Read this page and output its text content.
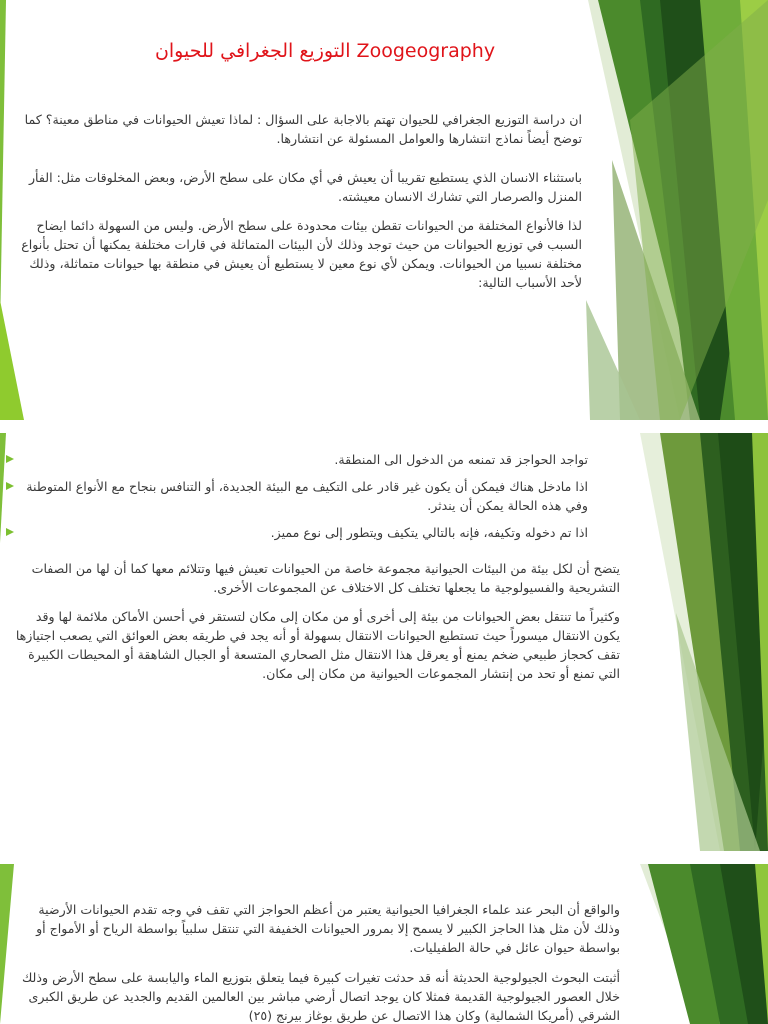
التوزيع الجغرافي للحيوان Zoogeography

ان دراسة التوزيع الجغرافي للحيوان تهتم بالاجابة على السؤال : لماذا تعيش الحيوانات في مناطق معينة؟ كما توضح أيضاً نماذج انتشارها والعوامل المسئولة عن انتشارها.

باستثناء الانسان الذي يستطيع تقريبا أن يعيش في أي مكان على سطح الأرض، وبعض المخلوقات مثل: الفأر المنزل والصرصار التي تشارك الانسان معيشته.

لذا فالأنواع المختلفة من الحيوانات تقطن بيئات محدودة على سطح الأرض. وليس من السهولة دائما ايضاح السبب في توزيع الحيوانات من حيث توجد وذلك لأن البيئات المتماثلة في قارات مختلفة يمكنها أن تحتل بأنواع مختلفة نسبيا من الحيوانات. ويمكن لأي نوع معين لا يستطيع أن يعيش في منطقة بها حيوانات متماثلة، وذلك لأحد الأسباب التالية:

تواجد الحواجز قد تمنعه من الدخول الى المنطقة.
اذا مادخل هناك فيمكن أن يكون غير قادر على التكيف مع البيئة الجديدة، أو التنافس بنجاح مع الأنواع المتوطنة وفي هذه الحالة يمكن أن يندثر.
اذا تم دخوله وتكيفه، فإنه بالتالي يتكيف ويتطور إلى نوع مميز.

يتضح أن لكل بيئة من البيئات الحيوانية مجموعة خاصة من الحيوانات تعيش فيها وتتلائم معها كما أن لها من الصفات التشريحية والفسيولوجية ما يجعلها تختلف كل الاختلاف عن المجموعات الأخرى.

وكثيراً ما تنتقل بعض الحيوانات من بيئة إلى أخرى أو من مكان إلى مكان لتستقر في أحسن الأماكن ملائمة لها وقد يكون الانتقال ميسوراً حيث تستطيع الحيوانات الانتقال بسهولة أو أنه يجد في طريقه بعض العوائق التي يصعب اجتيازها تقف كحجاز طبيعي ضخم يمنع أو يعرقل هذا الانتقال مثل الصحاري المتسعة أو الجبال الشاهقة أو المحيطات الكبيرة التي تمنع أو تحد من إنتشار المجموعات الحيوانية من مكان إلى مكان.

والواقع أن البحر عند علماء الجغرافيا الحيوانية يعتبر من أعظم الحواجز التي تقف في وجه تقدم الحيوانات الأرضية وذلك لأن مثل هذا الحاجز الكبير لا يسمح إلا بمرور الحيوانات الخفيفة التي تنتقل سلبياً بواسطة الرياح أو الأمواج أو بواسطة حيوان عائل في حالة الطفيليات.

أثبتت البحوث الجيولوجية الحديثة أنه قد حدثت تغيرات كبيرة فيما يتعلق بتوزيع الماء واليابسة على سطح الأرض وذلك خلال العصور الجيولوجية القديمة فمثلا كان يوجد اتصال أرضي مباشر بين العالمين القديم والجديد عن طريق الكبرى الشرقي (أمريكا الشمالية) وكان هذا الاتصال عن طريق بوغاز بيرنج (٢٥)
